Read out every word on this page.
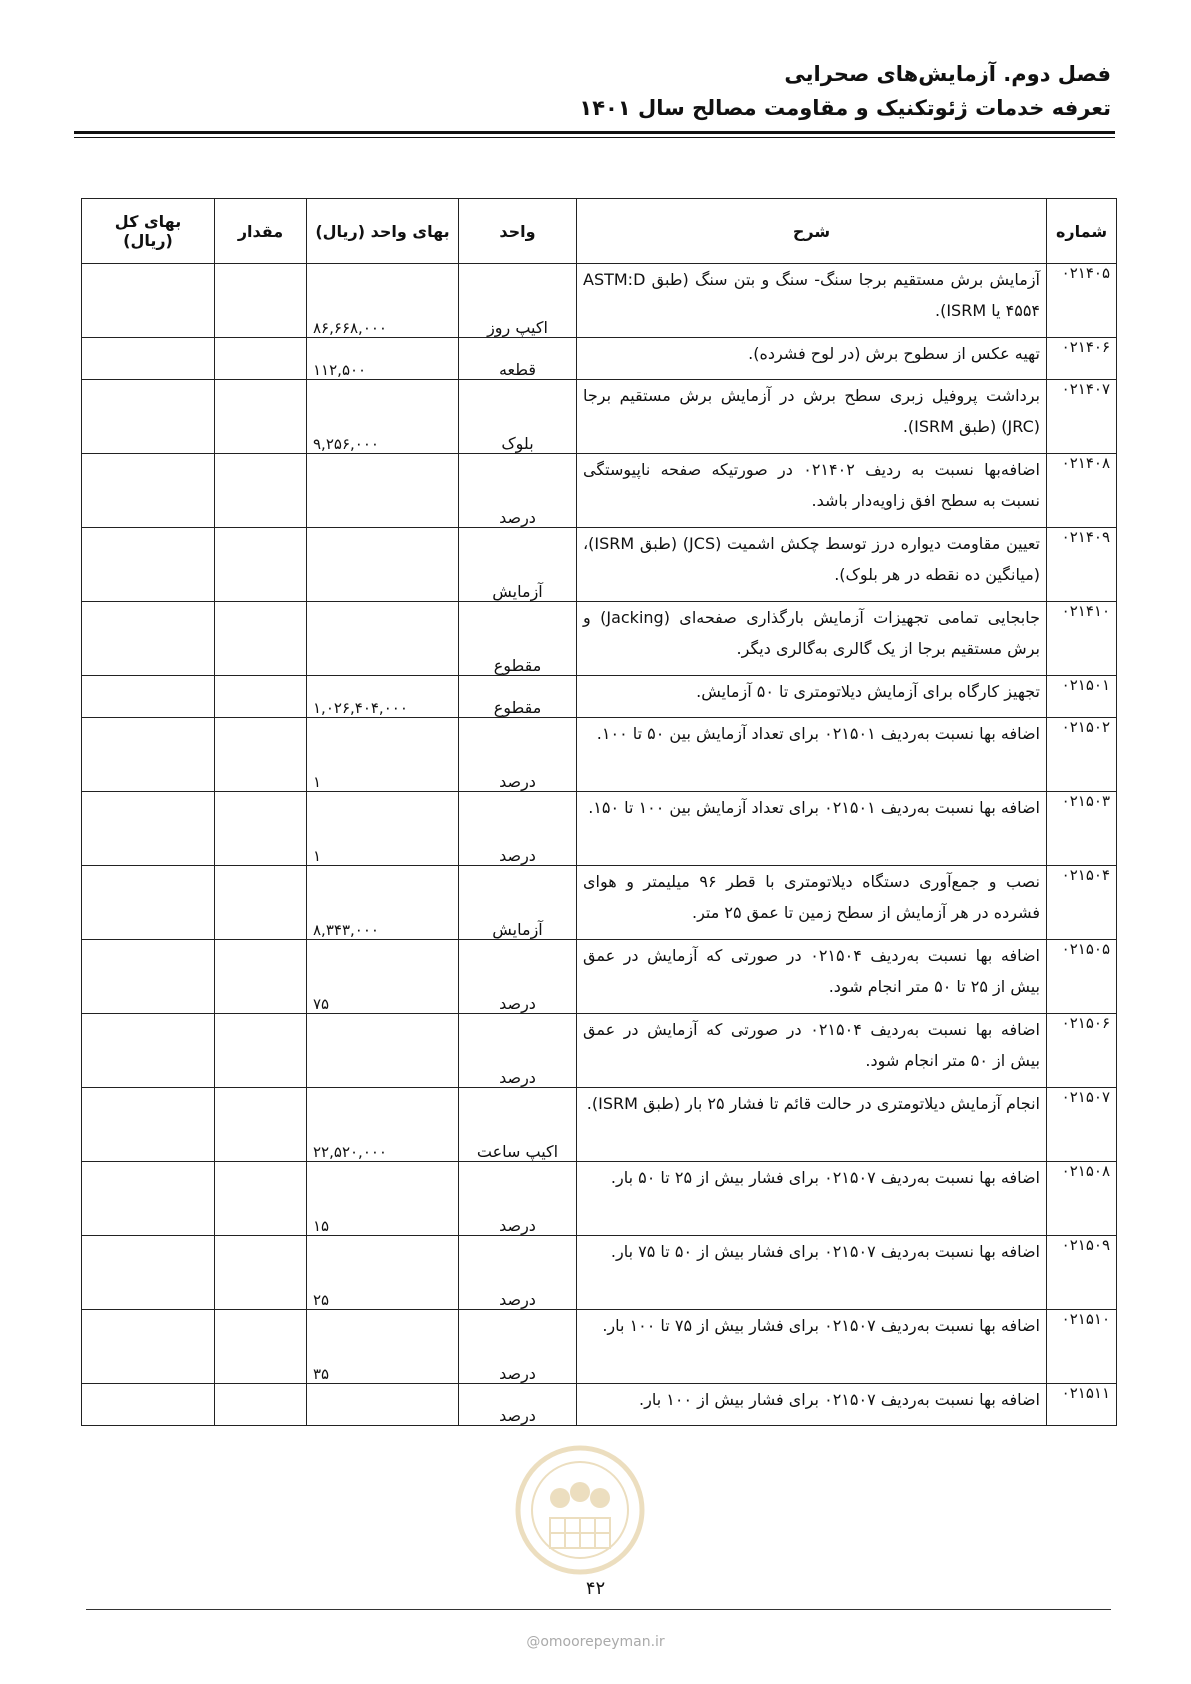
فصل دوم. آزمایش‌های صحرایی
تعرفه خدمات ژئوتکنیک و مقاومت مصالح سال ۱۴۰۱
شماره	شرح	واحد	بهای واحد (ریال)	مقدار	بهای کل (ریال)
۰۲۱۴۰۵	آزمایش برش مستقیم برجا سنگ- سنگ و بتن سنگ (طبق ASTM:D ۴۵۵۴ یا ISRM).	اکیپ روز	۸۶,۶۶۸,۰۰۰		
۰۲۱۴۰۶	تهیه عکس از سطوح برش (در لوح فشرده).	قطعه	۱۱۲,۵۰۰		
۰۲۱۴۰۷	برداشت پروفیل زبری سطح برش در آزمایش برش مستقیم برجا (JRC) (طبق ISRM).	بلوک	۹,۲۵۶,۰۰۰		
۰۲۱۴۰۸	اضافه‌بها نسبت به ردیف ۰۲۱۴۰۲ در صورتیکه صفحه ناپیوستگی نسبت به سطح افق زاویه‌دار باشد.	درصد			
۰۲۱۴۰۹	تعیین مقاومت دیواره درز توسط چکش اشمیت (JCS) (طبق ISRM)، (میانگین ده نقطه در هر بلوک).	آزمایش			
۰۲۱۴۱۰	جابجایی تمامی تجهیزات آزمایش بارگذاری صفحه‌ای (Jacking) و برش مستقیم برجا از یک گالری به‌گالری دیگر.	مقطوع			
۰۲۱۵۰۱	تجهیز کارگاه برای آزمایش دیلاتومتری تا ۵۰ آزمایش.	مقطوع	۱,۰۲۶,۴۰۴,۰۰۰		
۰۲۱۵۰۲	اضافه بها نسبت به‌ردیف ۰۲۱۵۰۱ برای تعداد آزمایش بین ۵۰ تا ۱۰۰.	درصد	۱		
۰۲۱۵۰۳	اضافه بها نسبت به‌ردیف ۰۲۱۵۰۱ برای تعداد آزمایش بین ۱۰۰ تا ۱۵۰.	درصد	۱		
۰۲۱۵۰۴	نصب و جمع‌آوری دستگاه دیلاتومتری با قطر ۹۶ میلیمتر و هوای فشرده در هر آزمایش از سطح زمین تا عمق ۲۵ متر.	آزمایش	۸,۳۴۳,۰۰۰		
۰۲۱۵۰۵	اضافه بها نسبت به‌ردیف ۰۲۱۵۰۴ در صورتی که آزمایش در عمق بیش از ۲۵ تا ۵۰ متر انجام شود.	درصد	۷۵		
۰۲۱۵۰۶	اضافه بها نسبت به‌ردیف ۰۲۱۵۰۴ در صورتی که آزمایش در عمق بیش از ۵۰ متر انجام شود.	درصد			
۰۲۱۵۰۷	انجام آزمایش دیلاتومتری در حالت قائم تا فشار ۲۵ بار (طبق ISRM).	اکیپ ساعت	۲۲,۵۲۰,۰۰۰		
۰۲۱۵۰۸	اضافه بها نسبت به‌ردیف ۰۲۱۵۰۷ برای فشار بیش از ۲۵ تا ۵۰ بار.	درصد	۱۵		
۰۲۱۵۰۹	اضافه بها نسبت به‌ردیف ۰۲۱۵۰۷ برای فشار بیش از ۵۰ تا ۷۵ بار.	درصد	۲۵		
۰۲۱۵۱۰	اضافه بها نسبت به‌ردیف ۰۲۱۵۰۷ برای فشار بیش از ۷۵ تا ۱۰۰ بار.	درصد	۳۵		
۰۲۱۵۱۱	اضافه بها نسبت به‌ردیف ۰۲۱۵۰۷ برای فشار بیش از ۱۰۰ بار.	درصد			
۴۲
@omoorepeyman.ir
